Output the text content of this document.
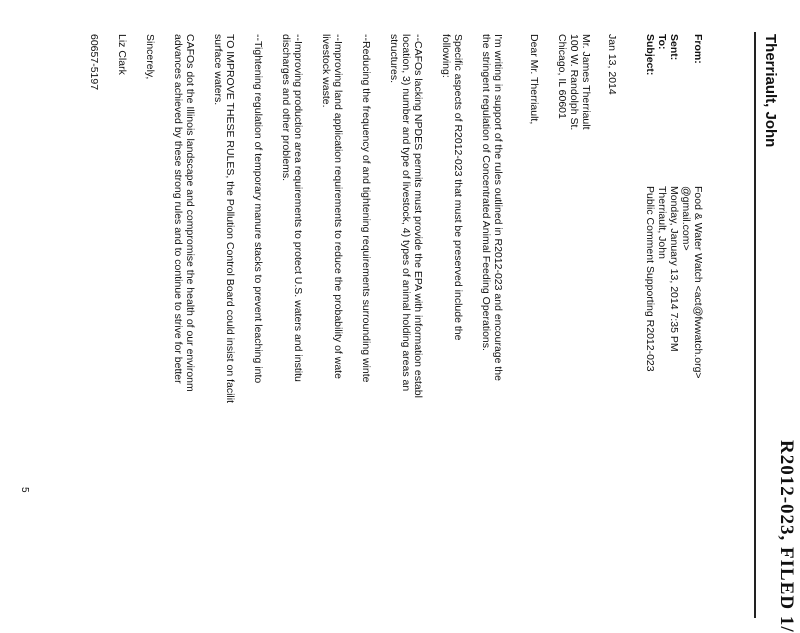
R2012-023, FILED 1/
Therriault, John
From:
Food & Water Watch <act@fwwatch.org>
@gmail.com>
Sent:
Monday, January 13, 2014 7:35 PM
To:
Therriault, John
Subject:
Public Comment Supporting R2012-023
Jan 13, 2014
Mr. James Therriault
100 W. Randolph St.
Chicago, IL 60601
Dear Mr. Therriault,
I'm writing in support of the rules outlined in R2012-023 and encourage the
the stringent regulation of Concentrated Animal Feeding Operations.
Specific aspects of R2012-023 that must be preserved include the
following:
--CAFOs lacking NPDES permits must provide the EPA with information establ
location, 3) number and type of livestock, 4) types of animal holding areas an
structures.
--Reducing the frequency of and tightening requirements surrounding winte
--Improving land application requirements to reduce the probability of wate
livestock waste.
--Improving production area requirements to protect U.S. waters and institu
discharges and other problems.
--Tightening regulation of temporary manure stacks to prevent leaching into
TO IMPROVE THESE RULES, the Pollution Control Board could insist on facilit
surface waters.
CAFOs dot the Illinois landscape and compromise the health of our environm
advances achieved by these strong rules and to continue to strive for better
Sincerely,
Liz Clark
60657-5197
5
